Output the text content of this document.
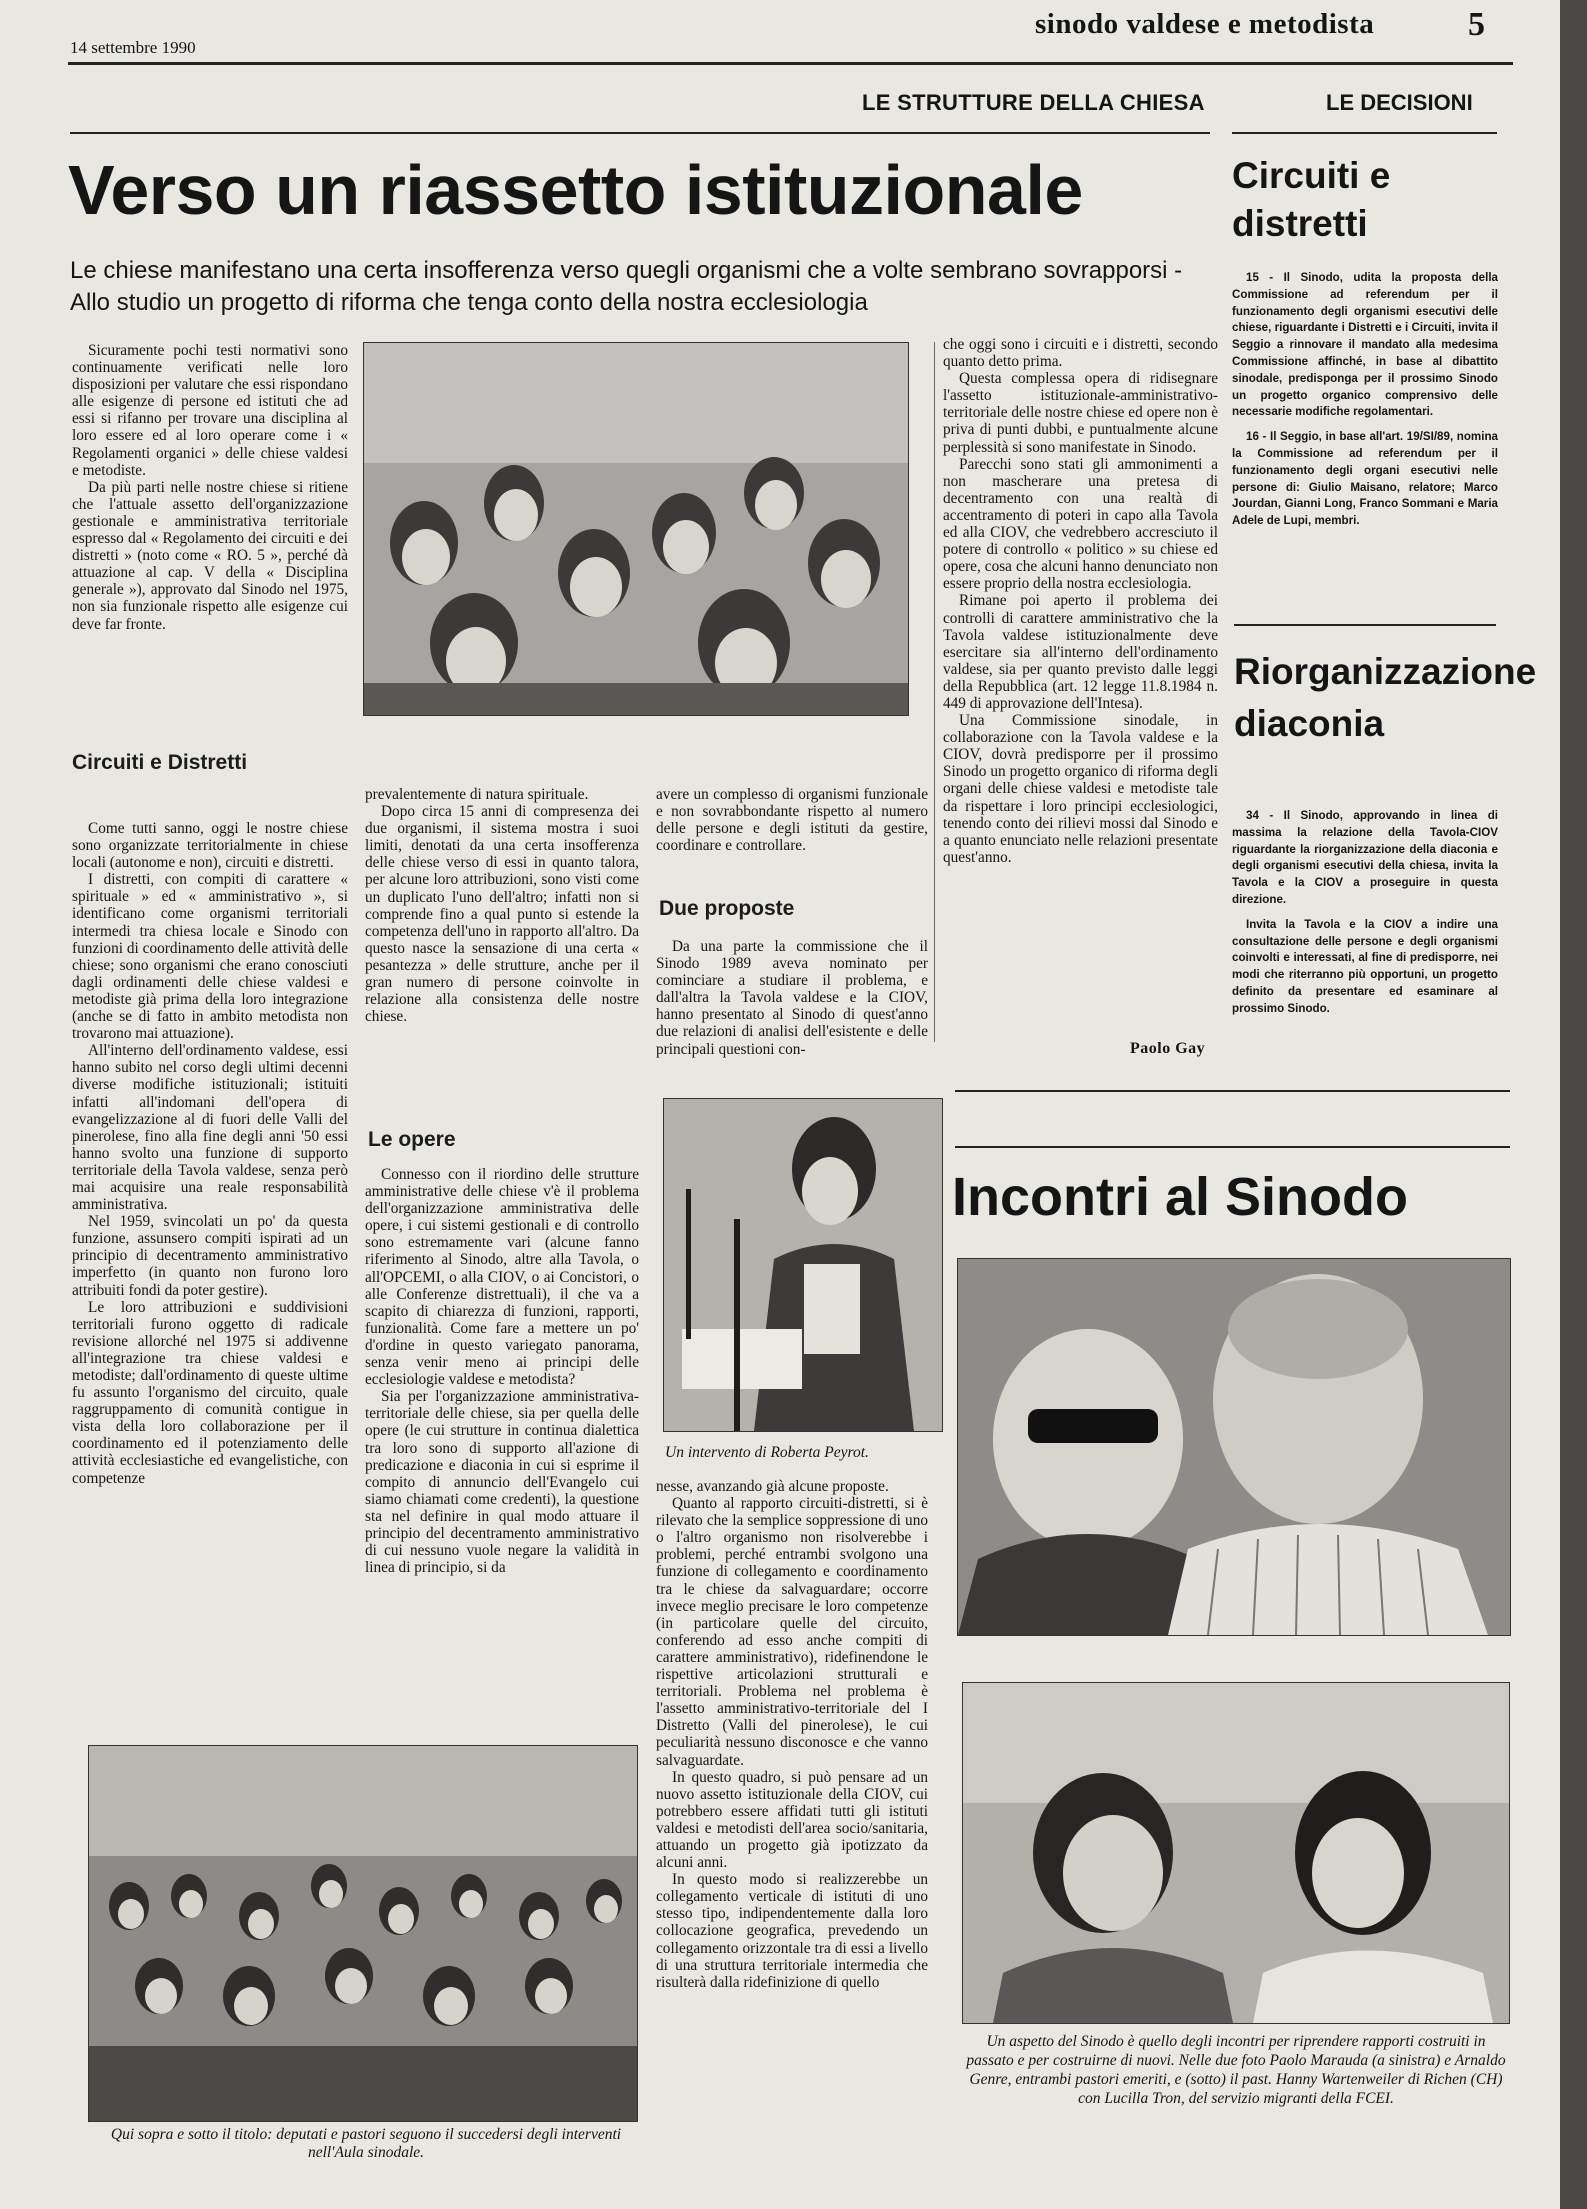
14 settembre 1990
sinodo valdese e metodista	5
LE STRUTTURE DELLA CHIESA	LE DECISIONI
Verso un riassetto istituzionale
Le chiese manifestano una certa insofferenza verso quegli organismi che a volte sembrano sovrapporsi - Allo studio un progetto di riforma che tenga conto della nostra ecclesiologia

Sicuramente pochi testi normativi sono continuamente verificati nelle loro disposizioni per valutare che essi rispondano alle esigenze di persone ed istituti che ad essi si rifanno per trovare una disciplina al loro essere ed al loro operare come i « Regolamenti organici » delle chiese valdesi e metodiste.

Da più parti nelle nostre chiese si ritiene che l'attuale assetto dell'organizzazione gestionale e amministrativa territoriale espresso dal « Regolamento dei circuiti e dei distretti » (noto come « RO. 5 », perché dà attuazione al cap. V della « Disciplina generale »), approvato dal Sinodo nel 1975, non sia funzionale rispetto alle esigenze cui deve far fronte.

Circuiti e Distretti

Come tutti sanno, oggi le nostre chiese sono organizzate territorialmente in chiese locali (autonome e non), circuiti e distretti.

I distretti, con compiti di carattere « spirituale » ed « amministrativo », si identificano come organismi territoriali intermedi tra chiesa locale e Sinodo con funzioni di coordinamento delle attività delle chiese; sono organismi che erano conosciuti dagli ordinamenti delle chiese valdesi e metodiste già prima della loro integrazione (anche se di fatto in ambito metodista non trovarono mai attuazione).

All'interno dell'ordinamento valdese, essi hanno subito nel corso degli ultimi decenni diverse modifiche istituzionali; istituiti infatti all'indomani dell'opera di evangelizzazione al di fuori delle Valli del pinerolese, fino alla fine degli anni '50 essi hanno svolto una funzione di supporto territoriale della Tavola valdese, senza però mai acquisire una reale responsabilità amministrativa.

Nel 1959, svincolati un po' da questa funzione, assunsero compiti ispirati ad un principio di decentramento amministrativo imperfetto (in quanto non furono loro attribuiti fondi da poter gestire).

Le loro attribuzioni e suddivisioni territoriali furono oggetto di radicale revisione allorché nel 1975 si addivenne all'integrazione tra chiese valdesi e metodiste; dall'ordinamento di queste ultime fu assunto l'organismo del circuito, quale raggruppamento di comunità contigue in vista della loro collaborazione per il coordinamento ed il potenziamento delle attività ecclesiastiche ed evangelistiche, con competenze

prevalentemente di natura spirituale.

Dopo circa 15 anni di compresenza dei due organismi, il sistema mostra i suoi limiti, denotati da una certa insofferenza delle chiese verso di essi in quanto talora, per alcune loro attribuzioni, sono visti come un duplicato l'uno dell'altro; infatti non si comprende fino a qual punto si estende la competenza dell'uno in rapporto all'altro. Da questo nasce la sensazione di una certa « pesantezza » delle strutture, anche per il gran numero di persone coinvolte in relazione alla consistenza delle nostre chiese.

Le opere

Connesso con il riordino delle strutture amministrative delle chiese v'è il problema dell'organizzazione amministrativa delle opere, i cui sistemi gestionali e di controllo sono estremamente vari (alcune fanno riferimento al Sinodo, altre alla Tavola, o all'OPCEMI, o alla CIOV, o ai Concistori, o alle Conferenze distrettuali), il che va a scapito di chiarezza di funzioni, rapporti, funzionalità. Come fare a mettere un po' d'ordine in questo variegato panorama, senza venir meno ai principi delle ecclesiologie valdese e metodista?

Sia per l'organizzazione amministrativa-territoriale delle chiese, sia per quella delle opere (le cui strutture in continua dialettica tra loro sono di supporto all'azione di predicazione e diaconia in cui si esprime il compito di annuncio dell'Evangelo cui siamo chiamati come credenti), la questione sta nel definire in qual modo attuare il principio del decentramento amministrativo di cui nessuno vuole negare la validità in linea di principio, si da

avere un complesso di organismi funzionale e non sovrabbondante rispetto al numero delle persone e degli istituti da gestire, coordinare e controllare.

Due proposte

Da una parte la commissione che il Sinodo 1989 aveva nominato per cominciare a studiare il problema, e dall'altra la Tavola valdese e la CIOV, hanno presentato al Sinodo di quest'anno due relazioni di analisi dell'esistente e delle principali questioni con-

Un intervento di Roberta Peyrot.

nesse, avanzando già alcune proposte.

Quanto al rapporto circuiti-distretti, si è rilevato che la semplice soppressione di uno o l'altro organismo non risolverebbe i problemi, perché entrambi svolgono una funzione di collegamento e coordinamento tra le chiese da salvaguardare; occorre invece meglio precisare le loro competenze (in particolare quelle del circuito, conferendo ad esso anche compiti di carattere amministrativo), ridefinendone le rispettive articolazioni strutturali e territoriali. Problema nel problema è l'assetto amministrativo-territoriale del I Distretto (Valli del pinerolese), le cui peculiarità nessuno disconosce e che vanno salvaguardate.

In questo quadro, si può pensare ad un nuovo assetto istituzionale della CIOV, cui potrebbero essere affidati tutti gli istituti valdesi e metodisti dell'area socio/sanitaria, attuando un progetto già ipotizzato da alcuni anni.

In questo modo si realizzerebbe un collegamento verticale di istituti di uno stesso tipo, indipendentemente dalla loro collocazione geografica, prevedendo un collegamento orizzontale tra di essi a livello di una struttura territoriale intermedia che risulterà dalla ridefinizione di quello

che oggi sono i circuiti e i distretti, secondo quanto detto prima.

Questa complessa opera di ridisegnare l'assetto istituzionale-amministrativo-territoriale delle nostre chiese ed opere non è priva di punti dubbi, e puntualmente alcune perplessità si sono manifestate in Sinodo.

Parecchi sono stati gli ammonimenti a non mascherare una pretesa di decentramento con una realtà di accentramento di poteri in capo alla Tavola ed alla CIOV, che vedrebbero accresciuto il potere di controllo « politico » su chiese ed opere, cosa che alcuni hanno denunciato non essere proprio della nostra ecclesiologia.

Rimane poi aperto il problema dei controlli di carattere amministrativo che la Tavola valdese istituzionalmente deve esercitare sia all'interno dell'ordinamento valdese, sia per quanto previsto dalle leggi della Repubblica (art. 12 legge 11.8.1984 n. 449 di approvazione dell'Intesa).

Una Commissione sinodale, in collaborazione con la Tavola valdese e la CIOV, dovrà predisporre per il prossimo Sinodo un progetto organico di riforma degli organi delle chiese valdesi e metodiste tale da rispettare i loro principi ecclesiologici, tenendo conto dei rilievi mossi dal Sinodo e a quanto enunciato nelle relazioni presentate quest'anno.

Paolo Gay
Qui sopra e sotto il titolo: deputati e pastori seguono il succedersi degli interventi nell'Aula sinodale.
Circuiti e distretti

15 - Il Sinodo, udita la proposta della Commissione ad referendum per il funzionamento degli organismi esecutivi delle chiese, riguardante i Distretti e i Circuiti, invita il Seggio a rinnovare il mandato alla medesima Commissione affinché, in base al dibattito sinodale, predisponga per il prossimo Sinodo un progetto organico comprensivo delle necessarie modifiche regolamentari.

16 - Il Seggio, in base all'art. 19/SI/89, nomina la Commissione ad referendum per il funzionamento degli organi esecutivi nelle persone di: Giulio Maisano, relatore; Marco Jourdan, Gianni Long, Franco Sommani e Maria Adele de Lupi, membri.

Riorganizzazione diaconia

34 - Il Sinodo, approvando in linea di massima la relazione della Tavola-CIOV riguardante la riorganizzazione della diaconia e degli organismi esecutivi della chiesa, invita la Tavola e la CIOV a proseguire in questa direzione.

Invita la Tavola e la CIOV a indire una consultazione delle persone e degli organismi coinvolti e interessati, al fine di predisporre, nei modi che riterranno più opportuni, un progetto definito da presentare ed esaminare al prossimo Sinodo.

Incontri al Sinodo
Un aspetto del Sinodo è quello degli incontri per riprendere rapporti costruiti in passato e per costruirne di nuovi. Nelle due foto Paolo Marauda (a sinistra) e Arnaldo Genre, entrambi pastori emeriti, e (sotto) il past. Hanny Wartenweiler di Richen (CH) con Lucilla Tron, del servizio migranti della FCEI.
